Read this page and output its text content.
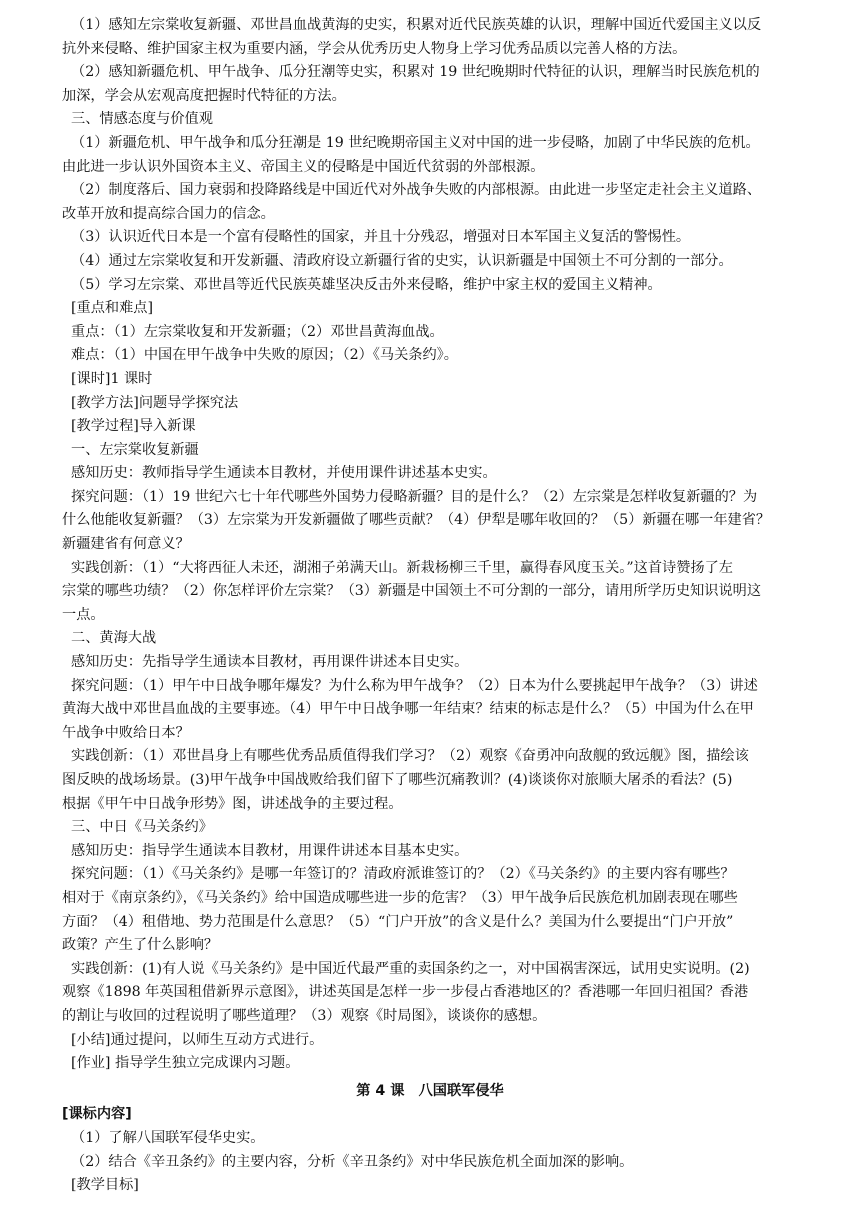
（1）感知左宗棠收复新疆、邓世昌血战黄海的史实，积累对近代民族英雄的认识，理解中国近代爱国主义以反
抗外来侵略、维护国家主权为重要内涵，学会从优秀历史人物身上学习优秀品质以完善人格的方法。
（2）感知新疆危机、甲午战争、瓜分狂潮等史实，积累对 19 世纪晚期时代特征的认识，理解当时民族危机的
加深，学会从宏观高度把握时代特征的方法。
三、情感态度与价值观
（1）新疆危机、甲午战争和瓜分狂潮是 19 世纪晚期帝国主义对中国的进一步侵略，加剧了中华民族的危机。
由此进一步认识外国资本主义、帝国主义的侵略是中国近代贫弱的外部根源。
（2）制度落后、国力衰弱和投降路线是中国近代对外战争失败的内部根源。由此进一步坚定走社会主义道路、
改革开放和提高综合国力的信念。
（3）认识近代日本是一个富有侵略性的国家，并且十分残忍，增强对日本军国主义复活的警惕性。
（4）通过左宗棠收复和开发新疆、清政府设立新疆行省的史实，认识新疆是中国领土不可分割的一部分。
（5）学习左宗棠、邓世昌等近代民族英雄坚决反击外来侵略，维护中家主权的爱国主义精神。
[重点和难点]
重点：（1）左宗棠收复和开发新疆；（2）邓世昌黄海血战。
难点：（1）中国在甲午战争中失败的原因；（2）《马关条约》。
[课时]1 课时
[教学方法]问题导学探究法
[教学过程]导入新课
一、左宗棠收复新疆
感知历史：教师指导学生通读本目教材，并使用课件讲述基本史实。
探究问题：（1）19 世纪六七十年代哪些外国势力侵略新疆？目的是什么？（2）左宗棠是怎样收复新疆的？为
什么他能收复新疆？（3）左宗棠为开发新疆做了哪些贡献？（4）伊犁是哪年收回的？（5）新疆在哪一年建省？
新疆建省有何意义？
实践创新：（1）“大将西征人未还，湖湘子弟满天山。新栽杨柳三千里，赢得春风度玉关。”这首诗赞扬了左
宗棠的哪些功绩？（2）你怎样评价左宗棠？（3）新疆是中国领土不可分割的一部分，请用所学历史知识说明这
一点。
二、黄海大战
感知历史：先指导学生通读本目教材，再用课件讲述本目史实。
探究问题：（1）甲午中日战争哪年爆发？为什么称为甲午战争？（2）日本为什么要挑起甲午战争？（3）讲述
黄海大战中邓世昌血战的主要事迹。（4）甲午中日战争哪一年结束？结束的标志是什么？（5）中国为什么在甲
午战争中败给日本？
实践创新：（1）邓世昌身上有哪些优秀品质值得我们学习？（2）观察《奋勇冲向敌舰的致远舰》图，描绘该
图反映的战场场景。(3)甲午战争中国战败给我们留下了哪些沉痛教训？(4)谈谈你对旅顺大屠杀的看法？(5)
根据《甲午中日战争形势》图，讲述战争的主要过程。
三、中日《马关条约》
感知历史：指导学生通读本目教材，用课件讲述本目基本史实。
探究问题：（1）《马关条约》是哪一年签订的？清政府派谁签订的？（2）《马关条约》的主要内容有哪些？
相对于《南京条约》，《马关条约》给中国造成哪些进一步的危害？（3）甲午战争后民族危机加剧表现在哪些
方面？（4）租借地、势力范围是什么意思？（5）“门户开放”的含义是什么？美国为什么要提出“门户开放”
政策？产生了什么影响？
实践创新：(1)有人说《马关条约》是中国近代最严重的卖国条约之一，对中国祸害深远，试用史实说明。(2)
观察《1898 年英国租借新界示意图》，讲述英国是怎样一步一步侵占香港地区的？香港哪一年回归祖国？香港
的割让与收回的过程说明了哪些道理？（3）观察《时局图》，谈谈你的感想。
[小结]通过提问，以师生互动方式进行。
[作业] 指导学生独立完成课内习题。
第 4 课　八国联军侵华
[课标内容]
（1）了解八国联军侵华史实。
（2）结合《辛丑条约》的主要内容，分析《辛丑条约》对中华民族危机全面加深的影响。
[教学目标]
